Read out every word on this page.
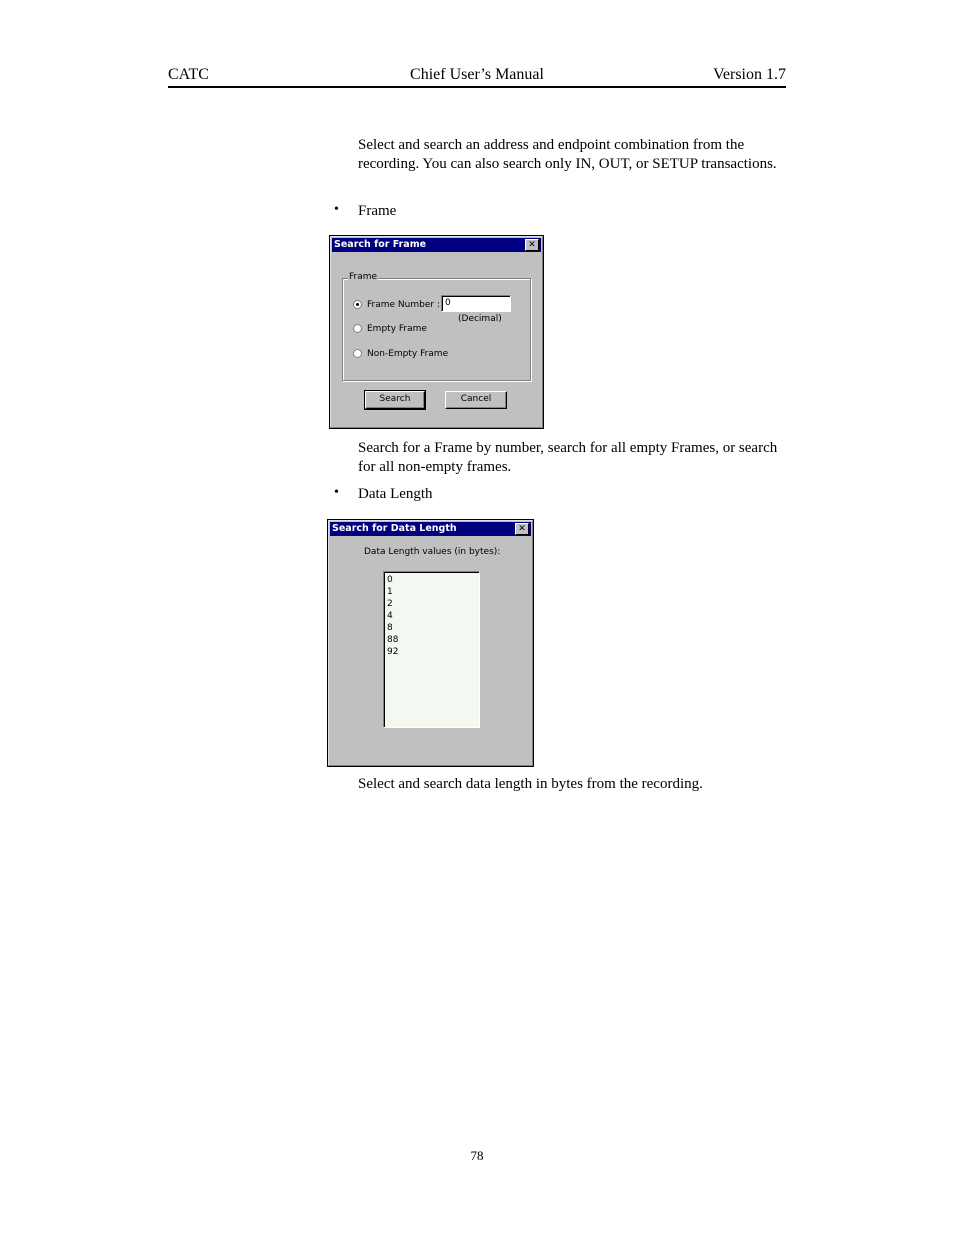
CATC	Chief User’s Manual	Version 1.7
Select and search an address and endpoint combination from the recording. You can also search only IN, OUT, or SETUP transactions.
• Frame
Search for Frame	✕
Frame
Frame Number :
Empty Frame
Non-Empty Frame
0
(Decimal)
Search	Cancel
Search for a Frame by number, search for all empty Frames, or search for all non-empty frames.
• Data Length
Search for Data Length	✕
Data Length values (in bytes):
0
1
2
4
8
88
92
Select and search data length in bytes from the recording.
78
